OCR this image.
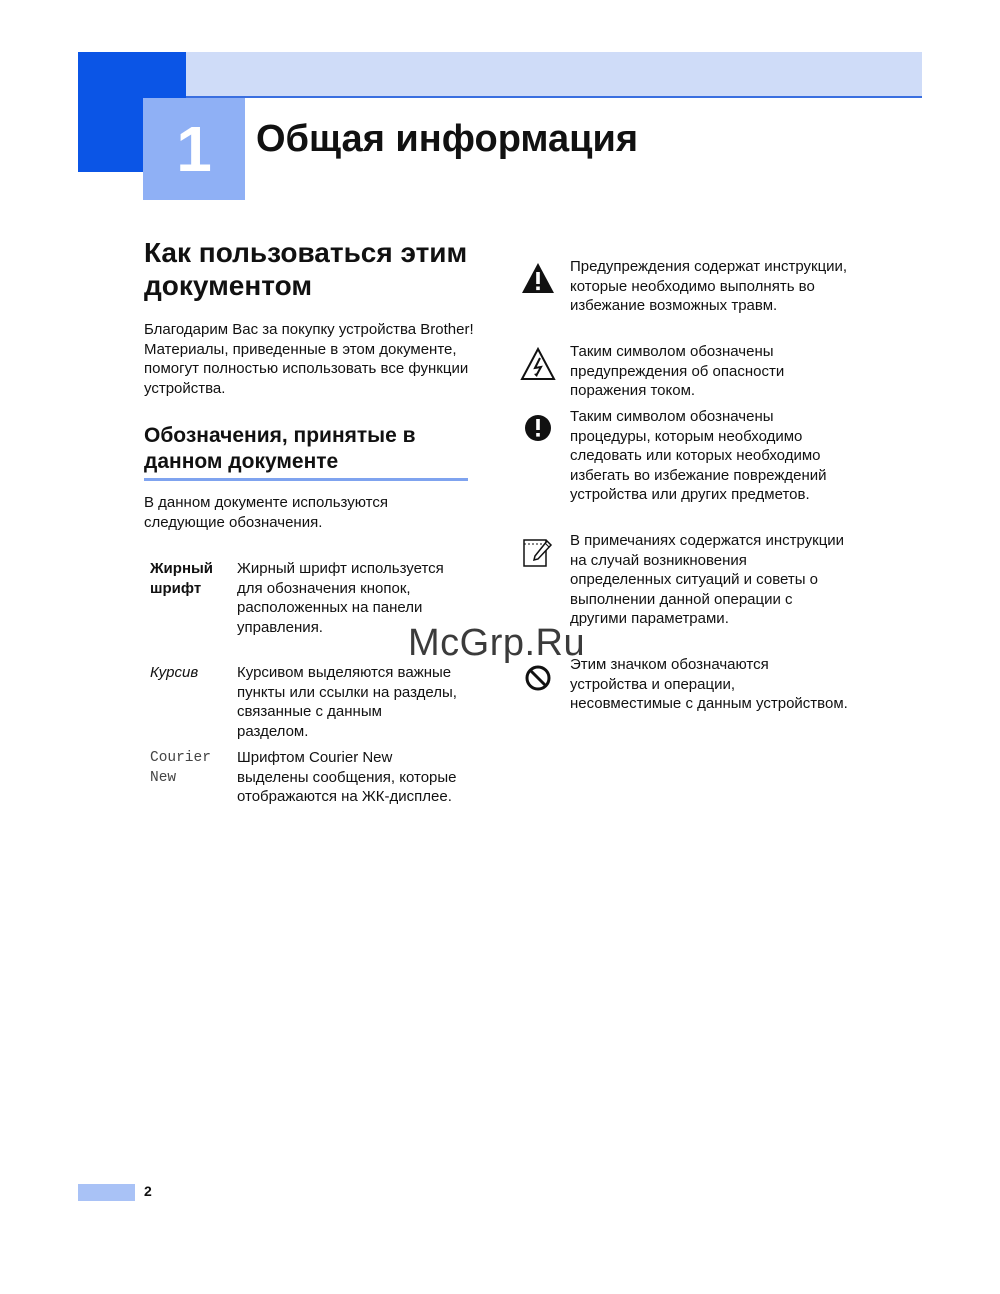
1	Общая информация
Как пользоваться этим документом
Благодарим Вас за покупку устройства Brother! Материалы, приведенные в этом документе, помогут полностью использовать все функции устройства.
Обозначения, принятые в данном документе
В данном документе используются следующие обозначения.
Жирный шрифт
Жирный шрифт используется для обозначения кнопок, расположенных на панели управления.
Курсив	Курсивом выделяются важные пункты или ссылки на разделы, связанные с данным разделом.
Courier New
Шрифтом Courier New выделены сообщения, которые отображаются на ЖК-дисплее.
Предупреждения содержат инструкции, которые необходимо выполнять во избежание возможных травм.
Таким символом обозначены предупреждения об опасности поражения током.
Таким символом обозначены процедуры, которым необходимо следовать или которых необходимо избегать во избежание повреждений устройства или других предметов.
В примечаниях содержатся инструкции на случай возникновения определенных ситуаций и советы о выполнении данной операции с другими параметрами.
Этим значком обозначаются устройства и операции, несовместимые с данным устройством.
McGrp.Ru
2
